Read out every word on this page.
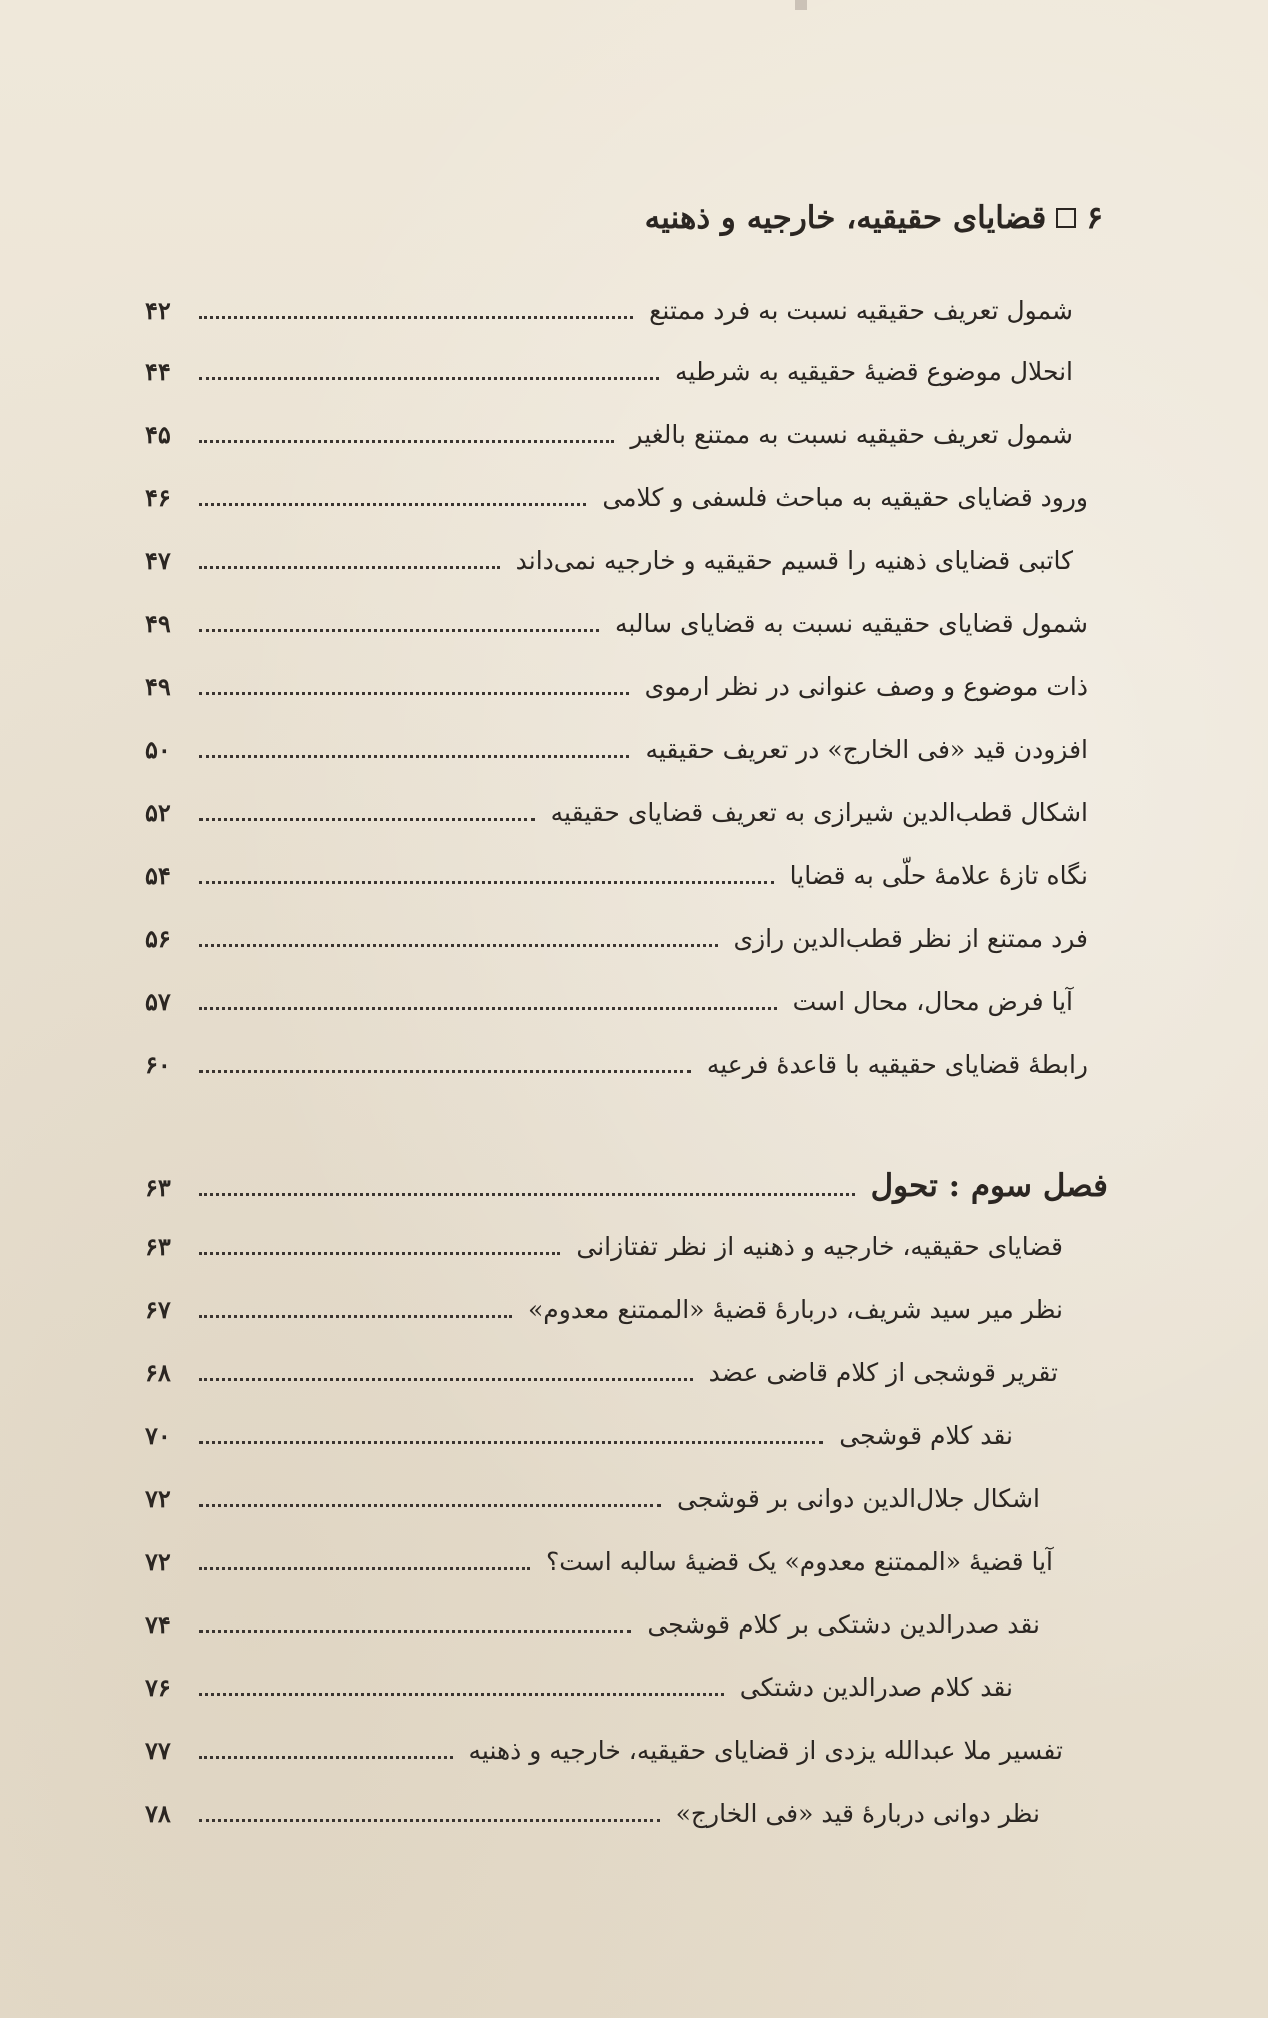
۶
قضایای حقیقیه، خارجیه و ذهنیه
شمول تعریف حقیقیه نسبت به فرد ممتنع
۴۲
انحلال موضوع قضیهٔ حقیقیه به شرطیه
۴۴
شمول تعریف حقیقیه نسبت به ممتنع بالغیر
۴۵
ورود قضایای حقیقیه به مباحث فلسفی و کلامی
۴۶
کاتبی قضایای ذهنیه را قسیم حقیقیه و خارجیه نمی‌داند
۴۷
شمول قضایای حقیقیه نسبت به قضایای سالبه
۴۹
ذات موضوع و وصف عنوانی در نظر ارموی
۴۹
افزودن قید «فی الخارج» در تعریف حقیقیه
۵۰
اشکال قطب‌الدین شیرازی به تعریف قضایای حقیقیه
۵۲
نگاه تازهٔ علامهٔ حلّی به قضایا
۵۴
فرد ممتنع از نظر قطب‌الدین رازی
۵۶
آیا فرض محال، محال است
۵۷
رابطهٔ قضایای حقیقیه با قاعدهٔ فرعیه
۶۰
فصل سوم : تحول
۶۳
قضایای حقیقیه، خارجیه و ذهنیه از نظر تفتازانی
۶۳
نظر میر سید شریف، دربارهٔ قضیهٔ «الممتنع معدوم»
۶۷
تقریر قوشجی از کلام قاضی عضد
۶۸
نقد کلام قوشجی
۷۰
اشکال جلال‌الدین دوانی بر قوشجی
۷۲
آیا قضیهٔ «الممتنع معدوم» یک قضیهٔ سالبه است؟
۷۲
نقد صدرالدین دشتکی بر کلام قوشجی
۷۴
نقد کلام صدرالدین دشتکی
۷۶
تفسیر ملا عبدالله یزدی از قضایای حقیقیه، خارجیه و ذهنیه
۷۷
نظر دوانی دربارهٔ قید «فی الخارج»
۷۸
